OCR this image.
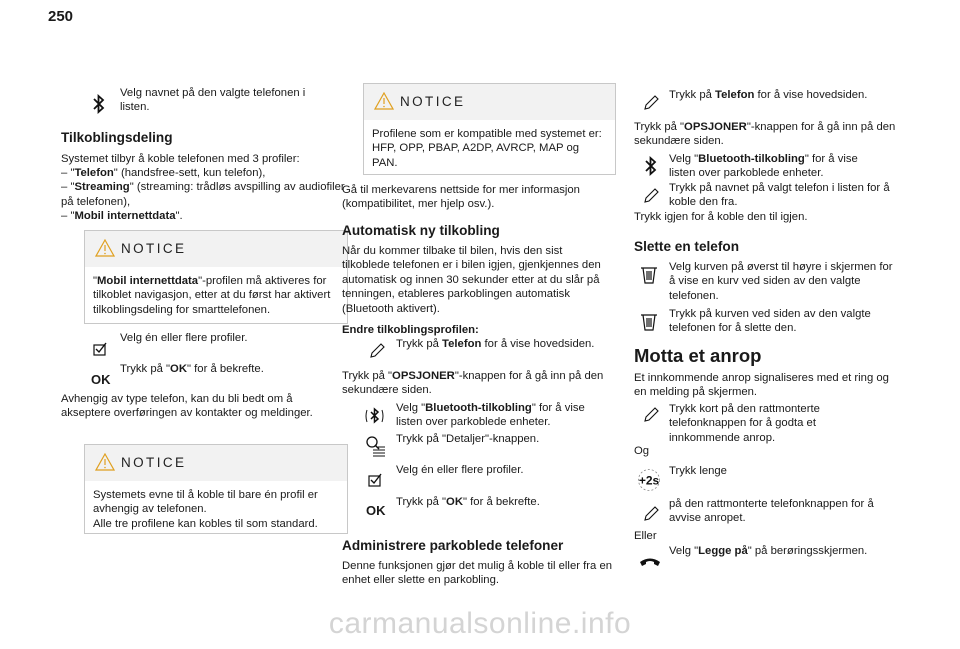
250

Velg navnet på den valgte telefonen i listen.

Tilkoblingsdeling

Systemet tilbyr å koble telefonen med 3 profiler:

– "Telefon" (handsfree-sett, kun telefon),
– "Streaming" (streaming: trådløs avspilling av audiofiler på telefonen),
– "Mobil internettdata".
NOTICE
"Mobil internettdata"-profilen må aktiveres for tilkoblet navigasjon, etter at du først har aktivert tilkoblingsdeling for smarttelefonen.

Velg én eller flere profiler.

OK

Trykk på "OK" for å bekrefte.

Avhengig av type telefon, kan du bli bedt om å akseptere overføringen av kontakter og meldinger.

NOTICE
Systemets evne til å koble til bare én profil er avhengig av telefonen.
Alle tre profilene kan kobles til som standard.
NOTICE
Profilene som er kompatible med systemet er: HFP, OPP, PBAP, A2DP, AVRCP, MAP og PAN.

Gå til merkevarens nettside for mer informasjon (kompatibilitet, mer hjelp osv.).

Automatisk ny tilkobling

Når du kommer tilbake til bilen, hvis den sist tilkoblede telefonen er i bilen igjen, gjenkjennes den automatisk og innen 30 sekunder etter at du slår på tenningen, etableres parkoblingen automatisk (Bluetooth aktivert).

Endre tilkoblingsprofilen:

Trykk på Telefon for å vise hovedsiden.

Trykk på "OPSJONER"-knappen for å gå inn på den sekundære siden.

Velg "Bluetooth-tilkobling" for å vise listen over parkoblede enheter.

Trykk på "Detaljer"-knappen.

Velg én eller flere profiler.

OK

Trykk på "OK" for å bekrefte.

Administrere parkoblede telefoner

Denne funksjonen gjør det mulig å koble til eller fra en enhet eller slette en parkobling.

Trykk på Telefon for å vise hovedsiden.

Trykk på "OPSJONER"-knappen for å gå inn på den sekundære siden.

Velg "Bluetooth-tilkobling" for å vise listen over parkoblede enheter.

Trykk på navnet på valgt telefon i listen for å koble den fra.

Trykk igjen for å koble den til igjen.

Slette en telefon

Velg kurven på øverst til høyre i skjermen for å vise en kurv ved siden av den valgte telefonen.

Trykk på kurven ved siden av den valgte telefonen for å slette den.

Motta et anrop

Et innkommende anrop signaliseres med et ring og en melding på skjermen.

Trykk kort på den rattmonterte telefonknappen for å godta et innkommende anrop.

Og

+2s

Trykk lenge

på den rattmonterte telefonknappen for å avvise anropet.

Eller

Velg "Legge på" på berøringsskjermen.

carmanualsonline.info
